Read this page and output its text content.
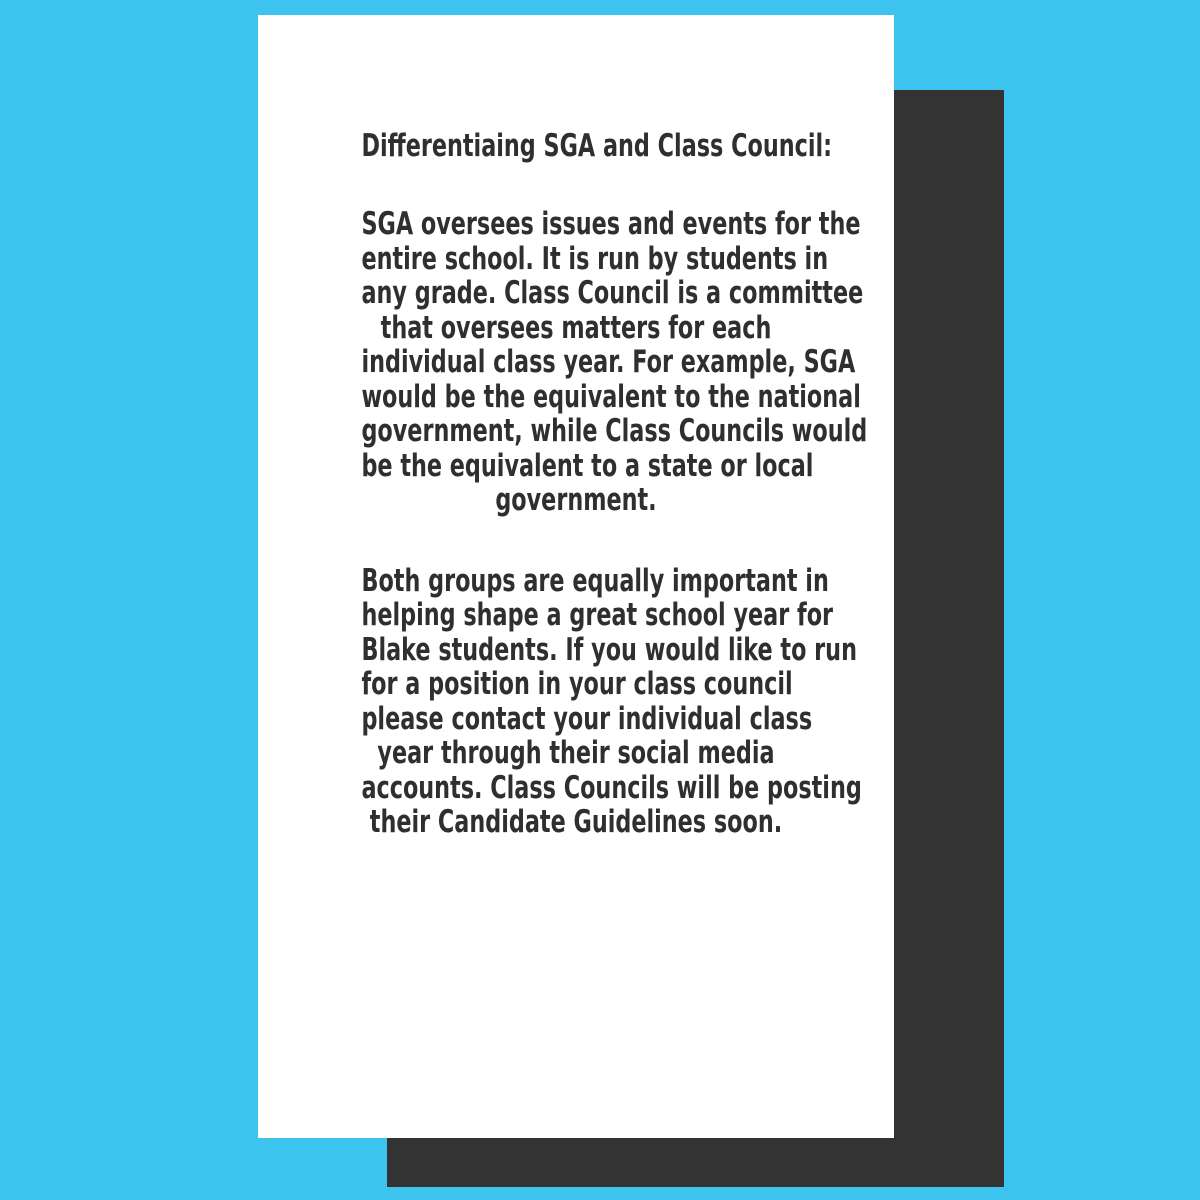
Differentiaing SGA and Class Council:

SGA oversees issues and events for the
entire school. It is run by students in
any grade. Class Council is a committee
that oversees matters for each
individual class year. For example, SGA
would be the equivalent to the national
government, while Class Councils would
be the equivalent to a state or local
government.

Both groups are equally important in
helping shape a great school year for
Blake students. If you would like to run
for a position in your class council
please contact your individual class
year through their social media
accounts. Class Councils will be posting
their Candidate Guidelines soon.
